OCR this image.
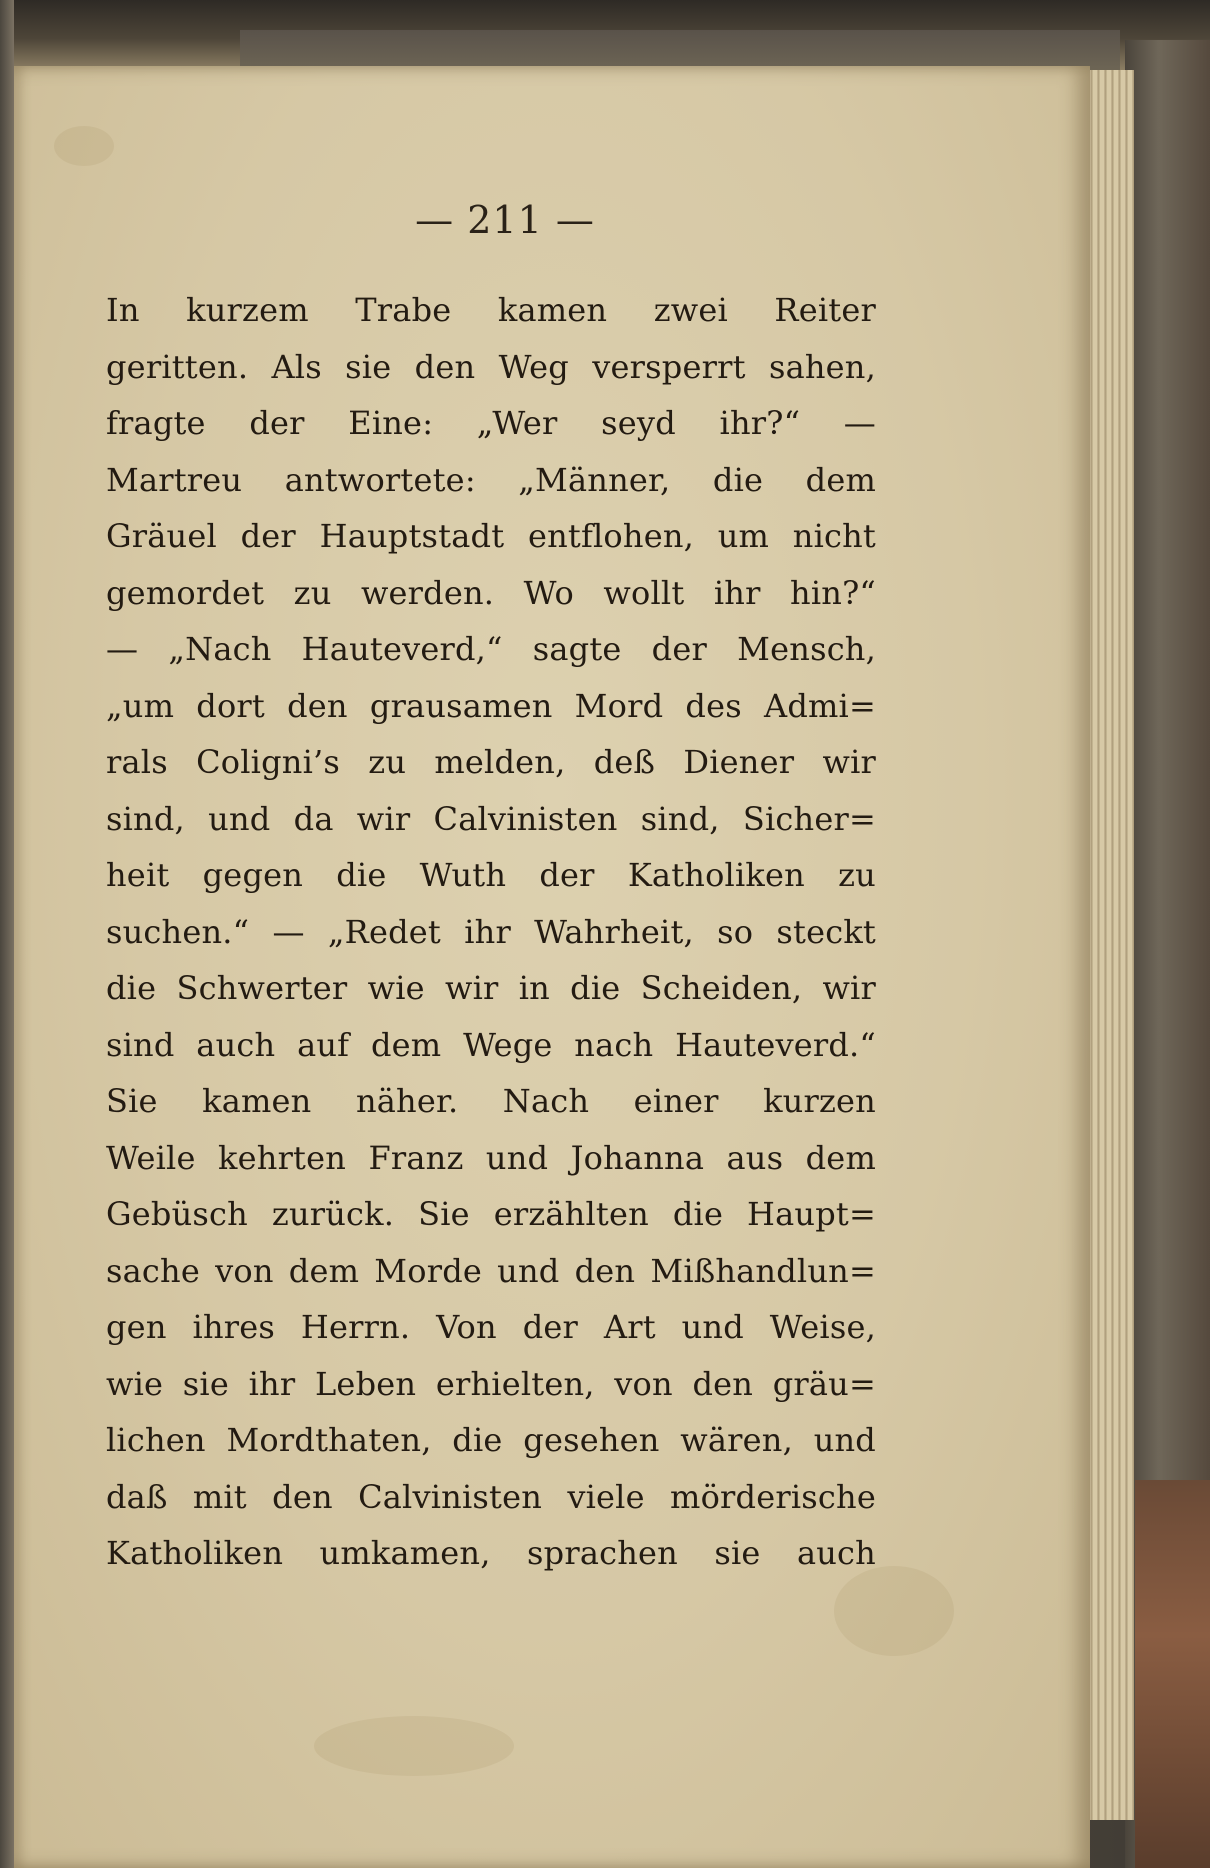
— 211 —
In kurzem Trabe kamen zwei Reiter
geritten. Als sie den Weg versperrt sahen,
fragte der Eine: „Wer seyd ihr?“ —
Martreu antwortete: „Männer, die dem
Gräuel der Hauptstadt entflohen, um nicht
gemordet zu werden. Wo wollt ihr hin?“
— „Nach Hauteverd,“ sagte der Mensch,
„um dort den grausamen Mord des Admi=
rals Coligni’s zu melden, deß Diener wir
sind, und da wir Calvinisten sind, Sicher=
heit gegen die Wuth der Katholiken zu
suchen.“ — „Redet ihr Wahrheit, so steckt
die Schwerter wie wir in die Scheiden, wir
sind auch auf dem Wege nach Hauteverd.“
Sie kamen näher. Nach einer kurzen
Weile kehrten Franz und Johanna aus dem
Gebüsch zurück. Sie erzählten die Haupt=
sache von dem Morde und den Mißhandlun=
gen ihres Herrn. Von der Art und Weise,
wie sie ihr Leben erhielten, von den gräu=
lichen Mordthaten, die gesehen wären, und
daß mit den Calvinisten viele mörderische
Katholiken umkamen, sprachen sie auch
